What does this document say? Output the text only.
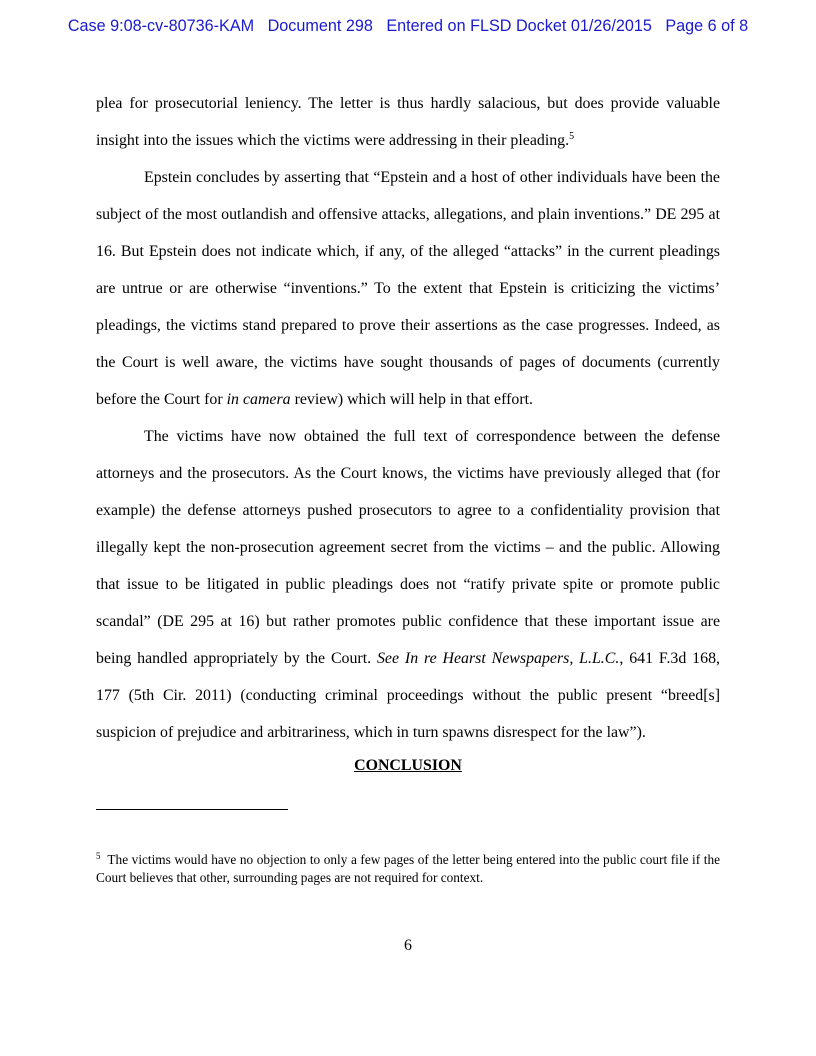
Case 9:08-cv-80736-KAM   Document 298   Entered on FLSD Docket 01/26/2015   Page 6 of 8

plea for prosecutorial leniency. The letter is thus hardly salacious, but does provide valuable insight into the issues which the victims were addressing in their pleading.$^5$

Epstein concludes by asserting that “Epstein and a host of other individuals have been the subject of the most outlandish and offensive attacks, allegations, and plain inventions.” DE 295 at 16. But Epstein does not indicate which, if any, of the alleged “attacks” in the current pleadings are untrue or are otherwise “inventions.” To the extent that Epstein is criticizing the victims’ pleadings, the victims stand prepared to prove their assertions as the case progresses. Indeed, as the Court is well aware, the victims have sought thousands of pages of documents (currently before the Court for in camera review) which will help in that effort.

The victims have now obtained the full text of correspondence between the defense attorneys and the prosecutors. As the Court knows, the victims have previously alleged that (for example) the defense attorneys pushed prosecutors to agree to a confidentiality provision that illegally kept the non-prosecution agreement secret from the victims – and the public. Allowing that issue to be litigated in public pleadings does not “ratify private spite or promote public scandal” (DE 295 at 16) but rather promotes public confidence that these important issue are being handled appropriately by the Court. See In re Hearst Newspapers, L.L.C., 641 F.3d 168, 177 (5th Cir. 2011) (conducting criminal proceedings without the public present “breed[s] suspicion of prejudice and arbitrariness, which in turn spawns disrespect for the law”).

CONCLUSION
$^5$ The victims would have no objection to only a few pages of the letter being entered into the public court file if the Court believes that other, surrounding pages are not required for context.
6
